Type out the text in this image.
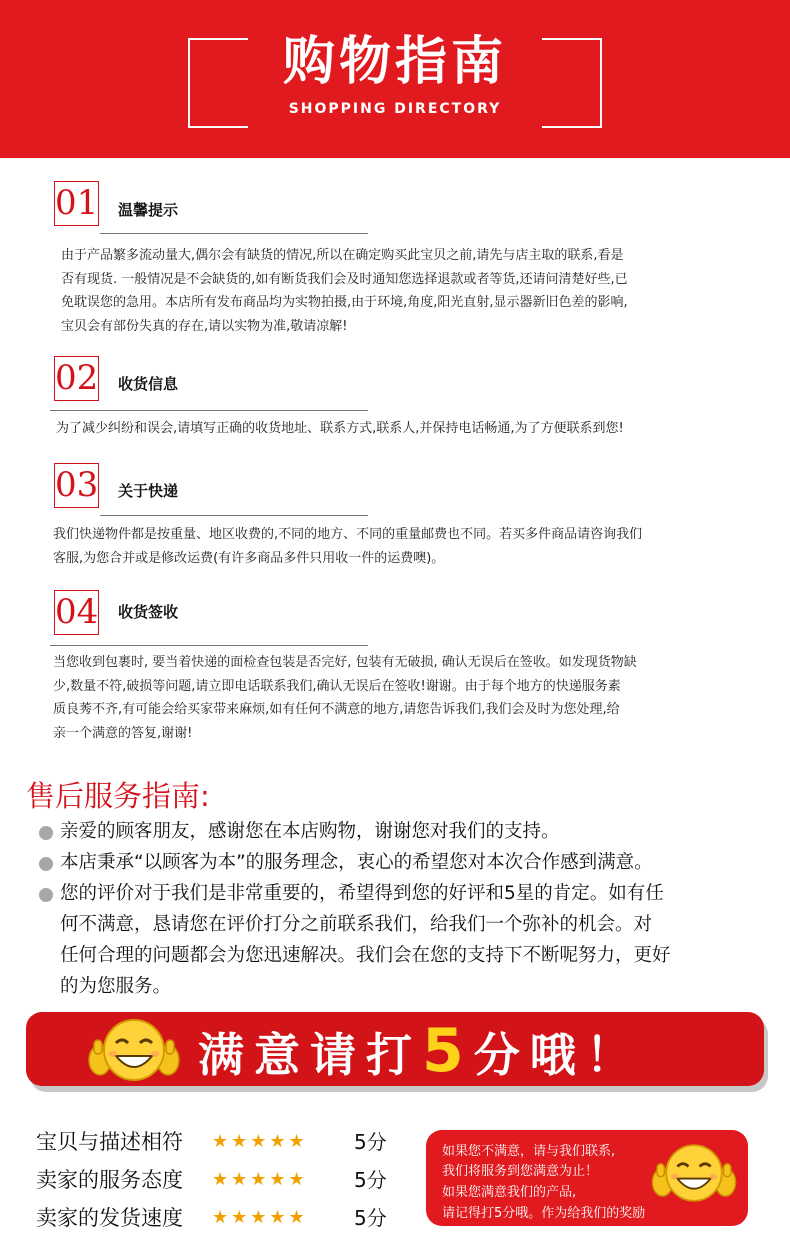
购物指南
SHOPPING DIRECTORY
01 温馨提示
由于产品繁多流动量大,偶尔会有缺货的情况,所以在确定购买此宝贝之前,请先与店主取的联系,看是
否有现货. 一般情况是不会缺货的,如有断货我们会及时通知您选择退款或者等货,还请问清楚好些,已
免耽误您的急用。本店所有发布商品均为实物拍摄,由于环境,角度,阳光直射,显示器新旧色差的影响,
宝贝会有部份失真的存在,请以实物为准,敬请凉解!
02 收货信息
为了减少纠纷和误会,请填写正确的收货地址、联系方式,联系人,并保持电话畅通,为了方便联系到您!
03 关于快递
我们快递物件都是按重量、地区收费的,不同的地方、不同的重量邮费也不同。若买多件商品请咨询我们
客服,为您合并或是修改运费(有许多商品多件只用收一件的运费噢)。
04 收货签收
当您收到包裹时, 要当着快递的面检查包装是否完好, 包装有无破损, 确认无误后在签收。如发现货物缺
少,数量不符,破损等问题,请立即电话联系我们,确认无误后在签收!谢谢。由于每个地方的快递服务素
质良莠不齐,有可能会给买家带来麻烦,如有任何不满意的地方,请您告诉我们,我们会及时为您处理,给
亲一个满意的答复,谢谢!
售后服务指南:
亲爱的顾客朋友，感谢您在本店购物，谢谢您对我们的支持。
本店秉承“以顾客为本”的服务理念，衷心的希望您对本次合作感到满意。
您的评价对于我们是非常重要的，希望得到您的好评和5星的肯定。如有任
何不满意，恳请您在评价打分之前联系我们，给我们一个弥补的机会。对
任何合理的问题都会为您迅速解决。我们会在您的支持下不断呢努力，更好
的为您服务。
满意请打5分哦！
宝贝与描述相符 ★★★★★ 5分
卖家的服务态度 ★★★★★ 5分
卖家的发货速度 ★★★★★ 5分
如果您不满意，请与我们联系,
我们将服务到您满意为止！
如果您满意我们的产品,
请记得打5分哦。作为给我们的奖励
